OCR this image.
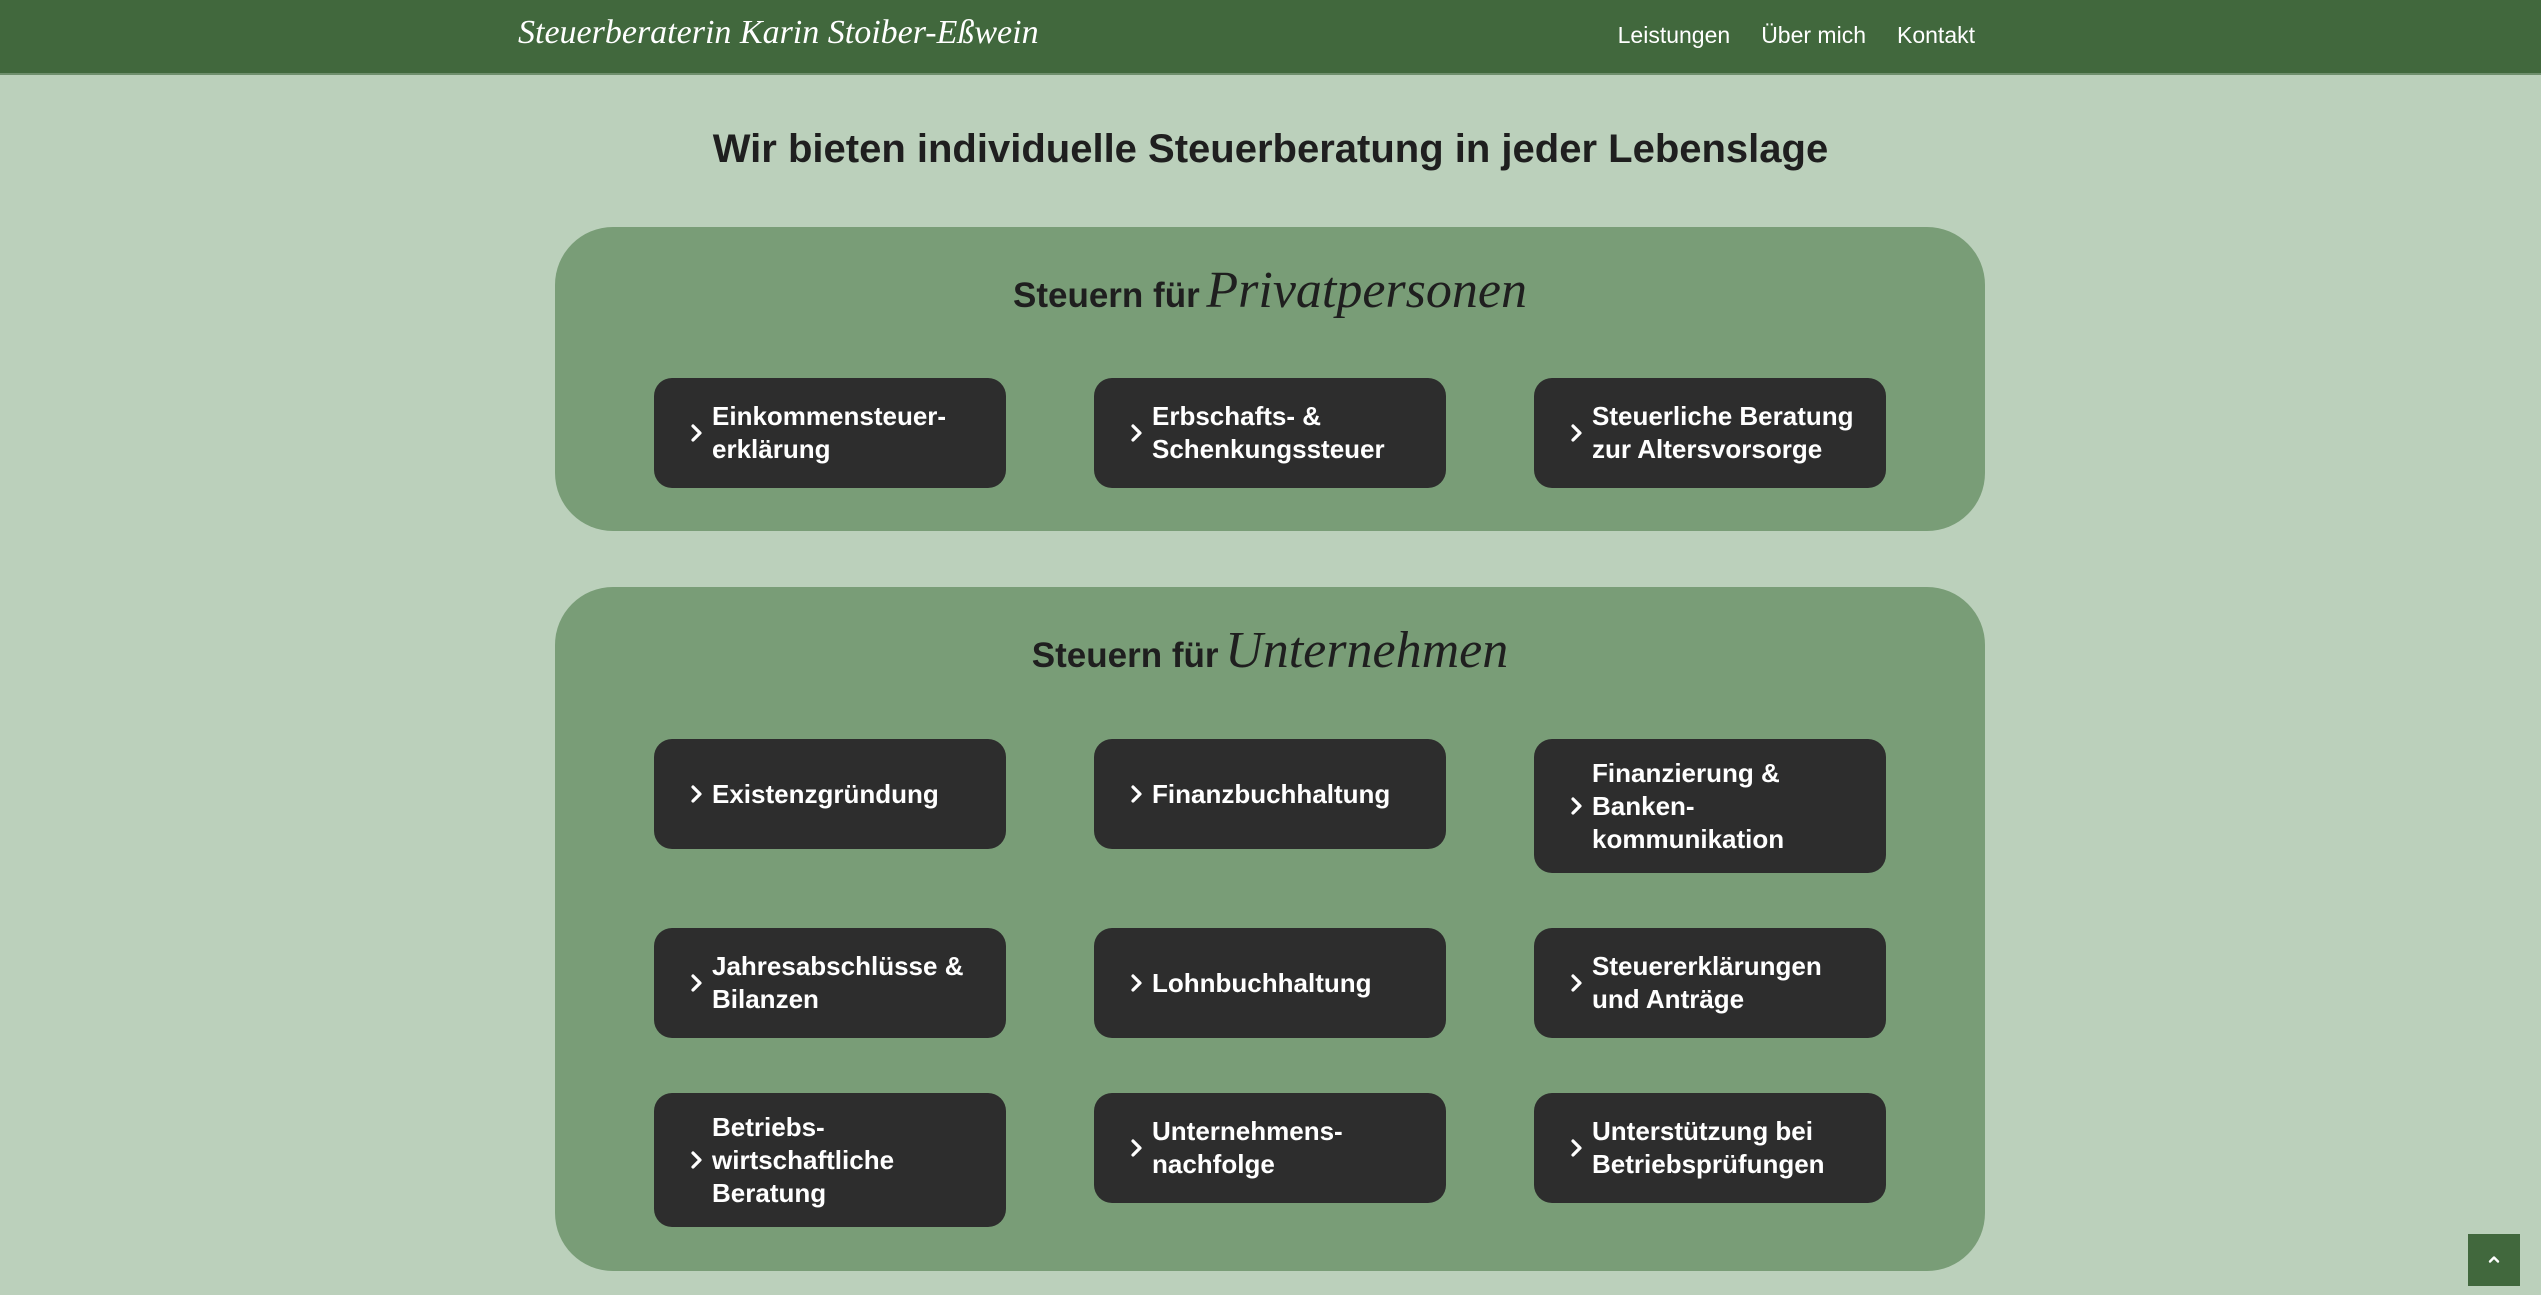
Steuerberaterin Karin Stoiber-Eßwein	Leistungen Über mich Kontakt
Wir bieten individuelle Steuerberatung in jeder Lebenslage
Steuern für Privatpersonen
Einkommensteuer-
erklärung
Erbschafts- &
Schenkungssteuer
Steuerliche Beratung
zur Altersvorsorge
Steuern für Unternehmen
Existenzgründung	Finanzbuchhaltung
Finanzierung &
Banken-
kommunikation
Jahresabschlüsse &
Bilanzen
Lohnbuchhaltung
Steuererklärungen
und Anträge
Betriebs-
wirtschaftliche
Beratung
Unternehmens-
nachfolge
Unterstützung bei
Betriebsprüfungen
